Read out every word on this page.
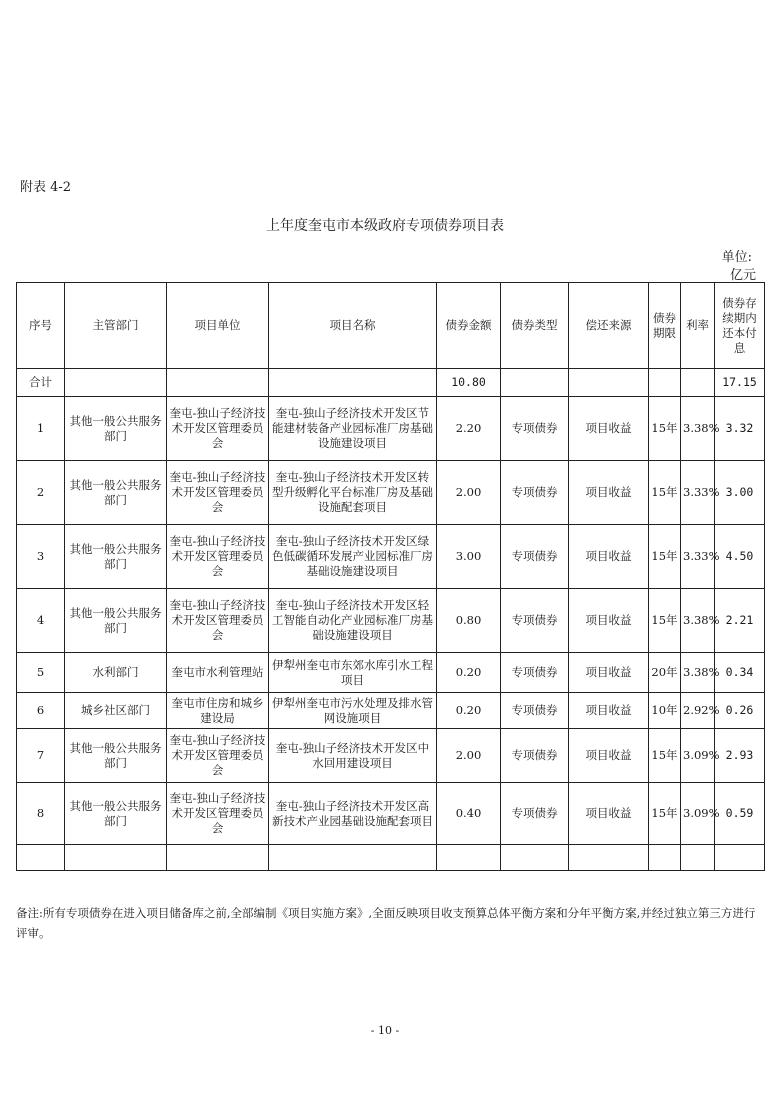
附表 4-2
上年度奎屯市本级政府专项债券项目表
单位:
亿元
序号	主管部门	项目单位	项目名称	债券金额	债券类型	偿还来源	债券期限	利率	债券存续期内还本付息
合计				10.80					17.15
1	其他一般公共服务部门	奎屯-独山子经济技术开发区管理委员会	奎屯-独山子经济技术开发区节能建材装备产业园标准厂房基础设施建设项目	2.20	专项债券	项目收益	15年	3.38%	3.32
2	其他一般公共服务部门	奎屯-独山子经济技术开发区管理委员会	奎屯-独山子经济技术开发区转型升级孵化平台标准厂房及基础设施配套项目	2.00	专项债券	项目收益	15年	3.33%	3.00
3	其他一般公共服务部门	奎屯-独山子经济技术开发区管理委员会	奎屯-独山子经济技术开发区绿色低碳循环发展产业园标准厂房基础设施建设项目	3.00	专项债券	项目收益	15年	3.33%	4.50
4	其他一般公共服务部门	奎屯-独山子经济技术开发区管理委员会	奎屯-独山子经济技术开发区轻工智能自动化产业园标准厂房基础设施建设项目	0.80	专项债券	项目收益	15年	3.38%	2.21
5	水利部门	奎屯市水利管理站	伊犁州奎屯市东郊水库引水工程项目	0.20	专项债券	项目收益	20年	3.38%	0.34
6	城乡社区部门	奎屯市住房和城乡建设局	伊犁州奎屯市污水处理及排水管网设施项目	0.20	专项债券	项目收益	10年	2.92%	0.26
7	其他一般公共服务部门	奎屯-独山子经济技术开发区管理委员会	奎屯-独山子经济技术开发区中水回用建设项目	2.00	专项债券	项目收益	15年	3.09%	2.93
8	其他一般公共服务部门	奎屯-独山子经济技术开发区管理委员会	奎屯-独山子经济技术开发区高新技术产业园基础设施配套项目	0.40	专项债券	项目收益	15年	3.09%	0.59

备注:所有专项债券在进入项目储备库之前,全部编制《项目实施方案》,全面反映项目收支预算总体平衡方案和分年平衡方案,并经过独立第三方进行评审。
- 10 -
